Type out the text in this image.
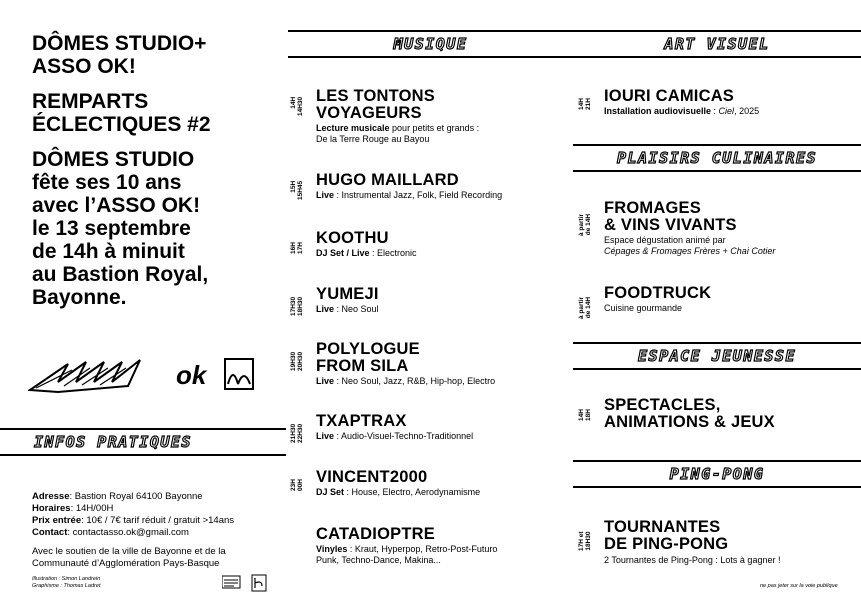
DÔMES STUDIO+
ASSO OK!
REMPARTS
ÉCLECTIQUES #2
DÔMES STUDIO
fête ses 10 ans
avec l’ASSO OK!
le 13 septembre
de 14h à minuit
au Bastion Royal,
Bayonne.
ok
INFOS PRATIQUES
Adresse: Bastion Royal 64100 Bayonne
Horaires: 14H/00H
Prix entrée: 10€ / 7€ tarif réduit / gratuit >14ans
Contact: contactasso.ok@gmail.com
Avec le soutien de la ville de Bayonne et de la
Communauté d’Agglomération Pays-Basque
Illustration : Simon Landrein
Graphisme : Thomas Ladret
MUSIQUE
14H 14H30
LES TONTONS
VOYAGEURS
Lecture musicale pour petits et grands :
De la Terre Rouge au Bayou
15H 15H45
HUGO MAILLARD
Live : Instrumental Jazz, Folk, Field Recording
16H 17H
KOOTHU
DJ Set / Live : Electronic
17H30 18H30
YUMEJI
Live : Neo Soul
19H30 20H30
POLYLOGUE
FROM SILA
Live : Neo Soul, Jazz, R&B, Hip-hop, Electro
21H30 22H30
TXAPTRAX
Live : Audio-Visuel-Techno-Traditionnel
23H 00H VINCENT2000
DJ Set : House, Electro, Aerodynamisme
CATADIOPTRE
Vinyles : Kraut, Hyperpop, Retro-Post-Futuro
Punk, Techno-Dance, Makina...
ART VISUEL
14H 21H IOURI CAMICAS
Installation audiovisuelle : Ciel, 2025
PLAISIRS CULINAIRES
à partir de 14H
FROMAGES
& VINS VIVANTS
Espace dégustation animé par
Cépages & Fromages Frères + Chai Cotier
à partir de 14H
FOODTRUCK
Cuisine gourmande
ESPACE JEUNESSE
14H 18H
SPECTACLES,
ANIMATIONS & JEUX
PING-PONG
17H et 18H30
TOURNANTES
DE PING-PONG
2 Tournantes de Ping-Pong : Lots à gagner !
ne pas jeter sur la voie publique
